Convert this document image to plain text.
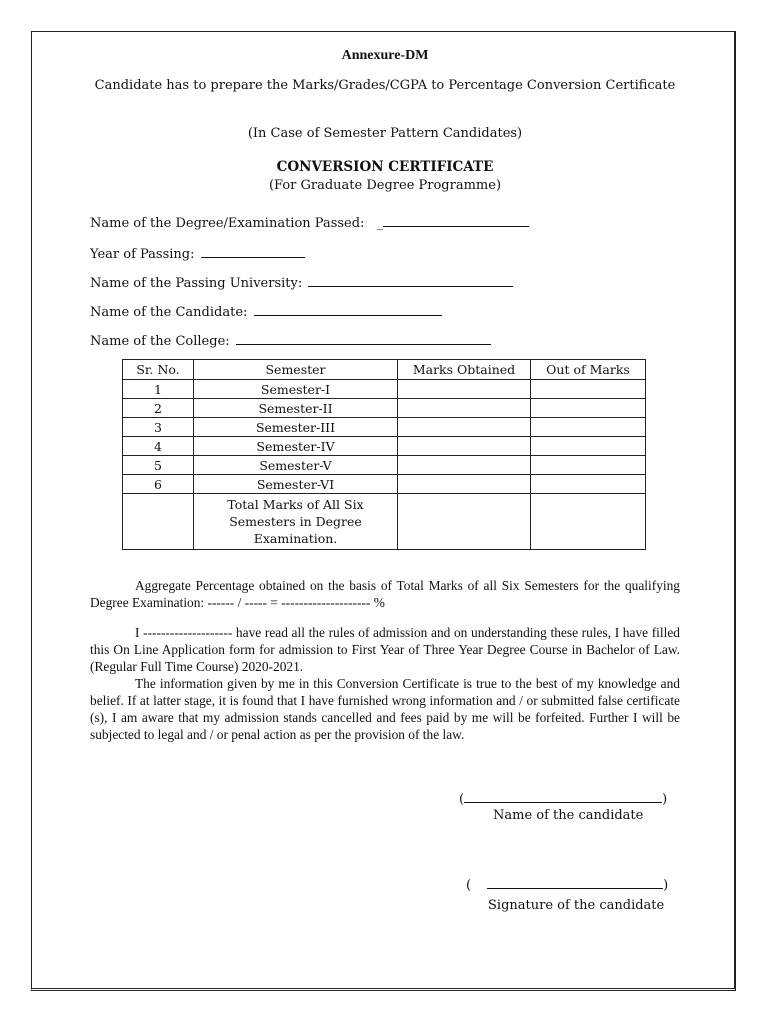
Annexure-DM
Candidate has to prepare the Marks/Grades/CGPA to Percentage Conversion Certificate
(In Case of Semester Pattern Candidates)
CONVERSION CERTIFICATE
(For Graduate Degree Programme)
Name of the Degree/Examination Passed: _
Year of Passing:
Name of the Passing University:
Name of the Candidate:
Name of the College:
Sr. No.	Semester	Marks Obtained	Out of Marks
1	Semester-I		
2	Semester-II		
3	Semester-III		
4	Semester-IV		
5	Semester-V		
6	Semester-VI		

	Total Marks of All Six
Semesters in Degree
Examination.		

Aggregate Percentage obtained on the basis of Total Marks of all Six Semesters for the qualifying Degree Examination: ------ / ----- = -------------------- %
I -------------------- have read all the rules of admission and on understanding these rules, I have filled this On Line Application form for admission to First Year of Three Year Degree Course in Bachelor of Law. (Regular Full Time Course) 2020-2021.
The information given by me in this Conversion Certificate is true to the best of my knowledge and belief. If at latter stage, it is found that I have furnished wrong information and / or submitted false certificate (s), I am aware that my admission stands cancelled and fees paid by me will be forfeited. Further I will be subjected to legal and / or penal action as per the provision of the law.
(	)
Name of the candidate
(	)
Signature of the candidate
